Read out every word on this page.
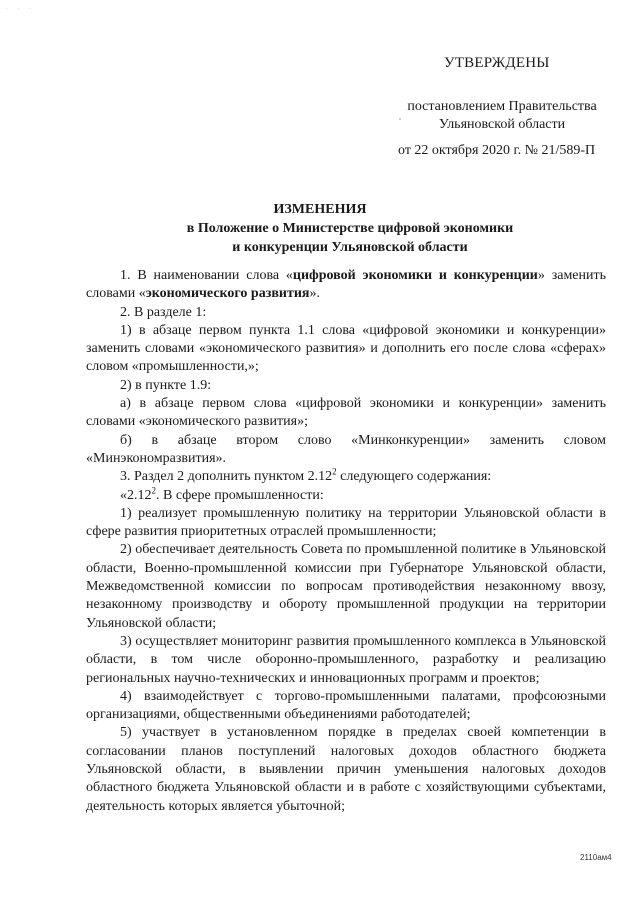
· · ·
УТВЕРЖДЕНЫ
постановлением Правительства
Ульяновской области
от 22 октября 2020 г. № 21/589-П
ИЗМЕНЕНИЯ
в Положение о Министерстве цифровой экономики
и конкуренции Ульяновской области

1. В наименовании слова «цифровой экономики и конкуренции» заменить словами «экономического развития».

2. В разделе 1:

1) в абзаце первом пункта 1.1 слова «цифровой экономики и конкуренции» заменить словами «экономического развития» и дополнить его после слова «сферах» словом «промышленности,»;

2) в пункте 1.9:

а) в абзаце первом слова «цифровой экономики и конкуренции» заменить словами «экономического развития»;

б) в абзаце втором слово «Минконкуренции» заменить словом «Минэкономразвития».

3. Раздел 2 дополнить пунктом 2.12$^2$ следующего содержания:

«2.12$^2$. В сфере промышленности:

1) реализует промышленную политику на территории Ульяновской области в сфере развития приоритетных отраслей промышленности;

2) обеспечивает деятельность Совета по промышленной политике в Ульяновской области, Военно-промышленной комиссии при Губернаторе Ульяновской области, Межведомственной комиссии по вопросам противодействия незаконному ввозу, незаконному производству и обороту промышленной продукции на территории Ульяновской области;

3) осуществляет мониторинг развития промышленного комплекса в Ульяновской области, в том числе оборонно-промышленного, разработку и реализацию региональных научно-технических и инновационных программ и проектов;

4) взаимодействует с торгово-промышленными палатами, профсоюзными организациями, общественными объединениями работодателей;

5) участвует в установленном порядке в пределах своей компетенции в согласовании планов поступлений налоговых доходов областного бюджета Ульяновской области, в выявлении причин уменьшения налоговых доходов областного бюджета Ульяновской области и в работе с хозяйствующими субъектами, деятельность которых является убыточной;

2110ам4
